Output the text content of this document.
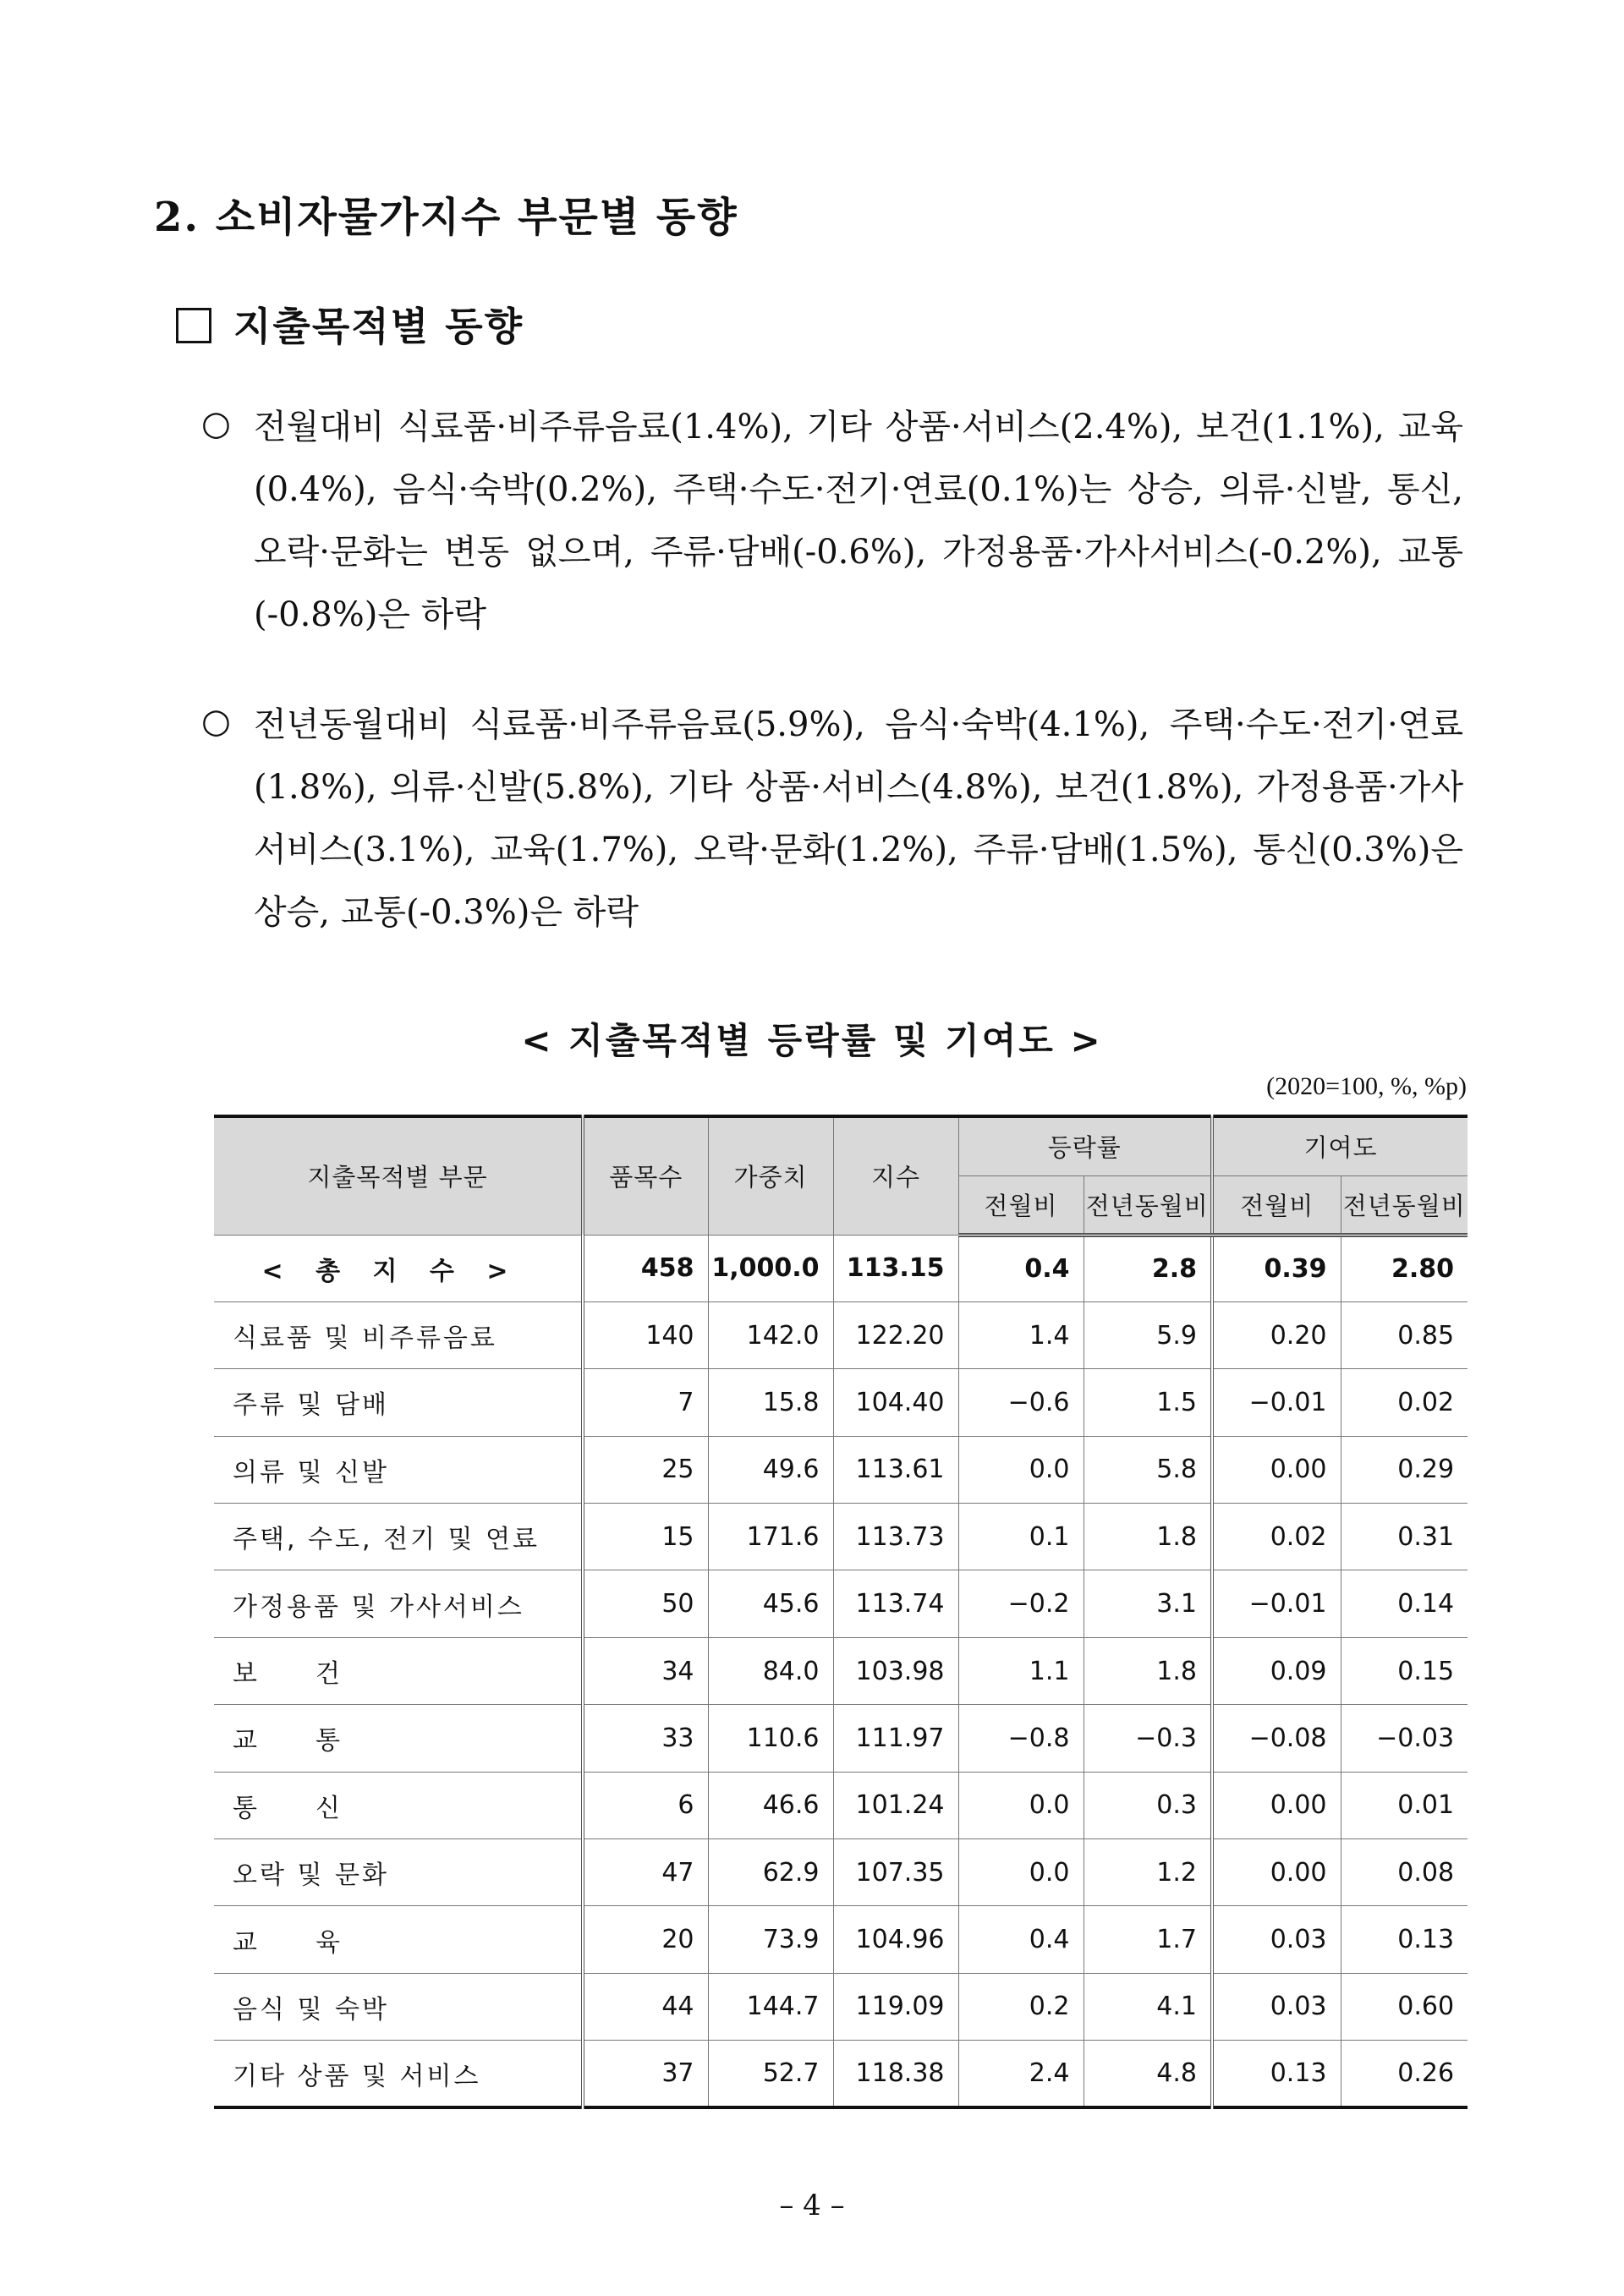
2. 소비자물가지수 부문별 동향
지출목적별 동향
○ 전월대비 식료품·비주류음료(1.4%), 기타 상품·서비스(2.4%), 보건(1.1%), 교육(0.4%), 음식·숙박(0.2%), 주택·수도·전기·연료(0.1%)는 상승, 의류·신발, 통신, 오락·문화는 변동 없으며, 주류·담배(-0.6%), 가정용품·가사서비스(-0.2%), 교통(-0.8%)은 하락
○ 전년동월대비 식료품·비주류음료(5.9%), 음식·숙박(4.1%), 주택·수도·전기·연료(1.8%), 의류·신발(5.8%), 기타 상품·서비스(4.8%), 보건(1.8%), 가정용품·가사서비스(3.1%), 교육(1.7%), 오락·문화(1.2%), 주류·담배(1.5%), 통신(0.3%)은 상승, 교통(-0.3%)은 하락
< 지출목적별 등락률 및 기여도 >
(2020=100, %, %p)
지출목적별 부문	품목수	가중치	지수	등락률		기여도	
				전월비	전년동월비	전월비	전년동월비
< 총 지 수 >	458	1,000.0	113.15	0.4	2.8	0.39	2.80
식료품 및 비주류음료	140	142.0	122.20	1.4	5.9	0.20	0.85
주류 및 담배	7	15.8	104.40	−0.6	1.5	−0.01	0.02
의류 및 신발	25	49.6	113.61	0.0	5.8	0.00	0.29
주택, 수도, 전기 및 연료	15	171.6	113.73	0.1	1.8	0.02	0.31
가정용품 및 가사서비스	50	45.6	113.74	−0.2	3.1	−0.01	0.14
보　　건	34	84.0	103.98	1.1	1.8	0.09	0.15
교　　통	33	110.6	111.97	−0.8	−0.3	−0.08	−0.03
통　　신	6	46.6	101.24	0.0	0.3	0.00	0.01
오락 및 문화	47	62.9	107.35	0.0	1.2	0.00	0.08
교　　육	20	73.9	104.96	0.4	1.7	0.03	0.13
음식 및 숙박	44	144.7	119.09	0.2	4.1	0.03	0.60
기타 상품 및 서비스	37	52.7	118.38	2.4	4.8	0.13	0.26
– 4 –
